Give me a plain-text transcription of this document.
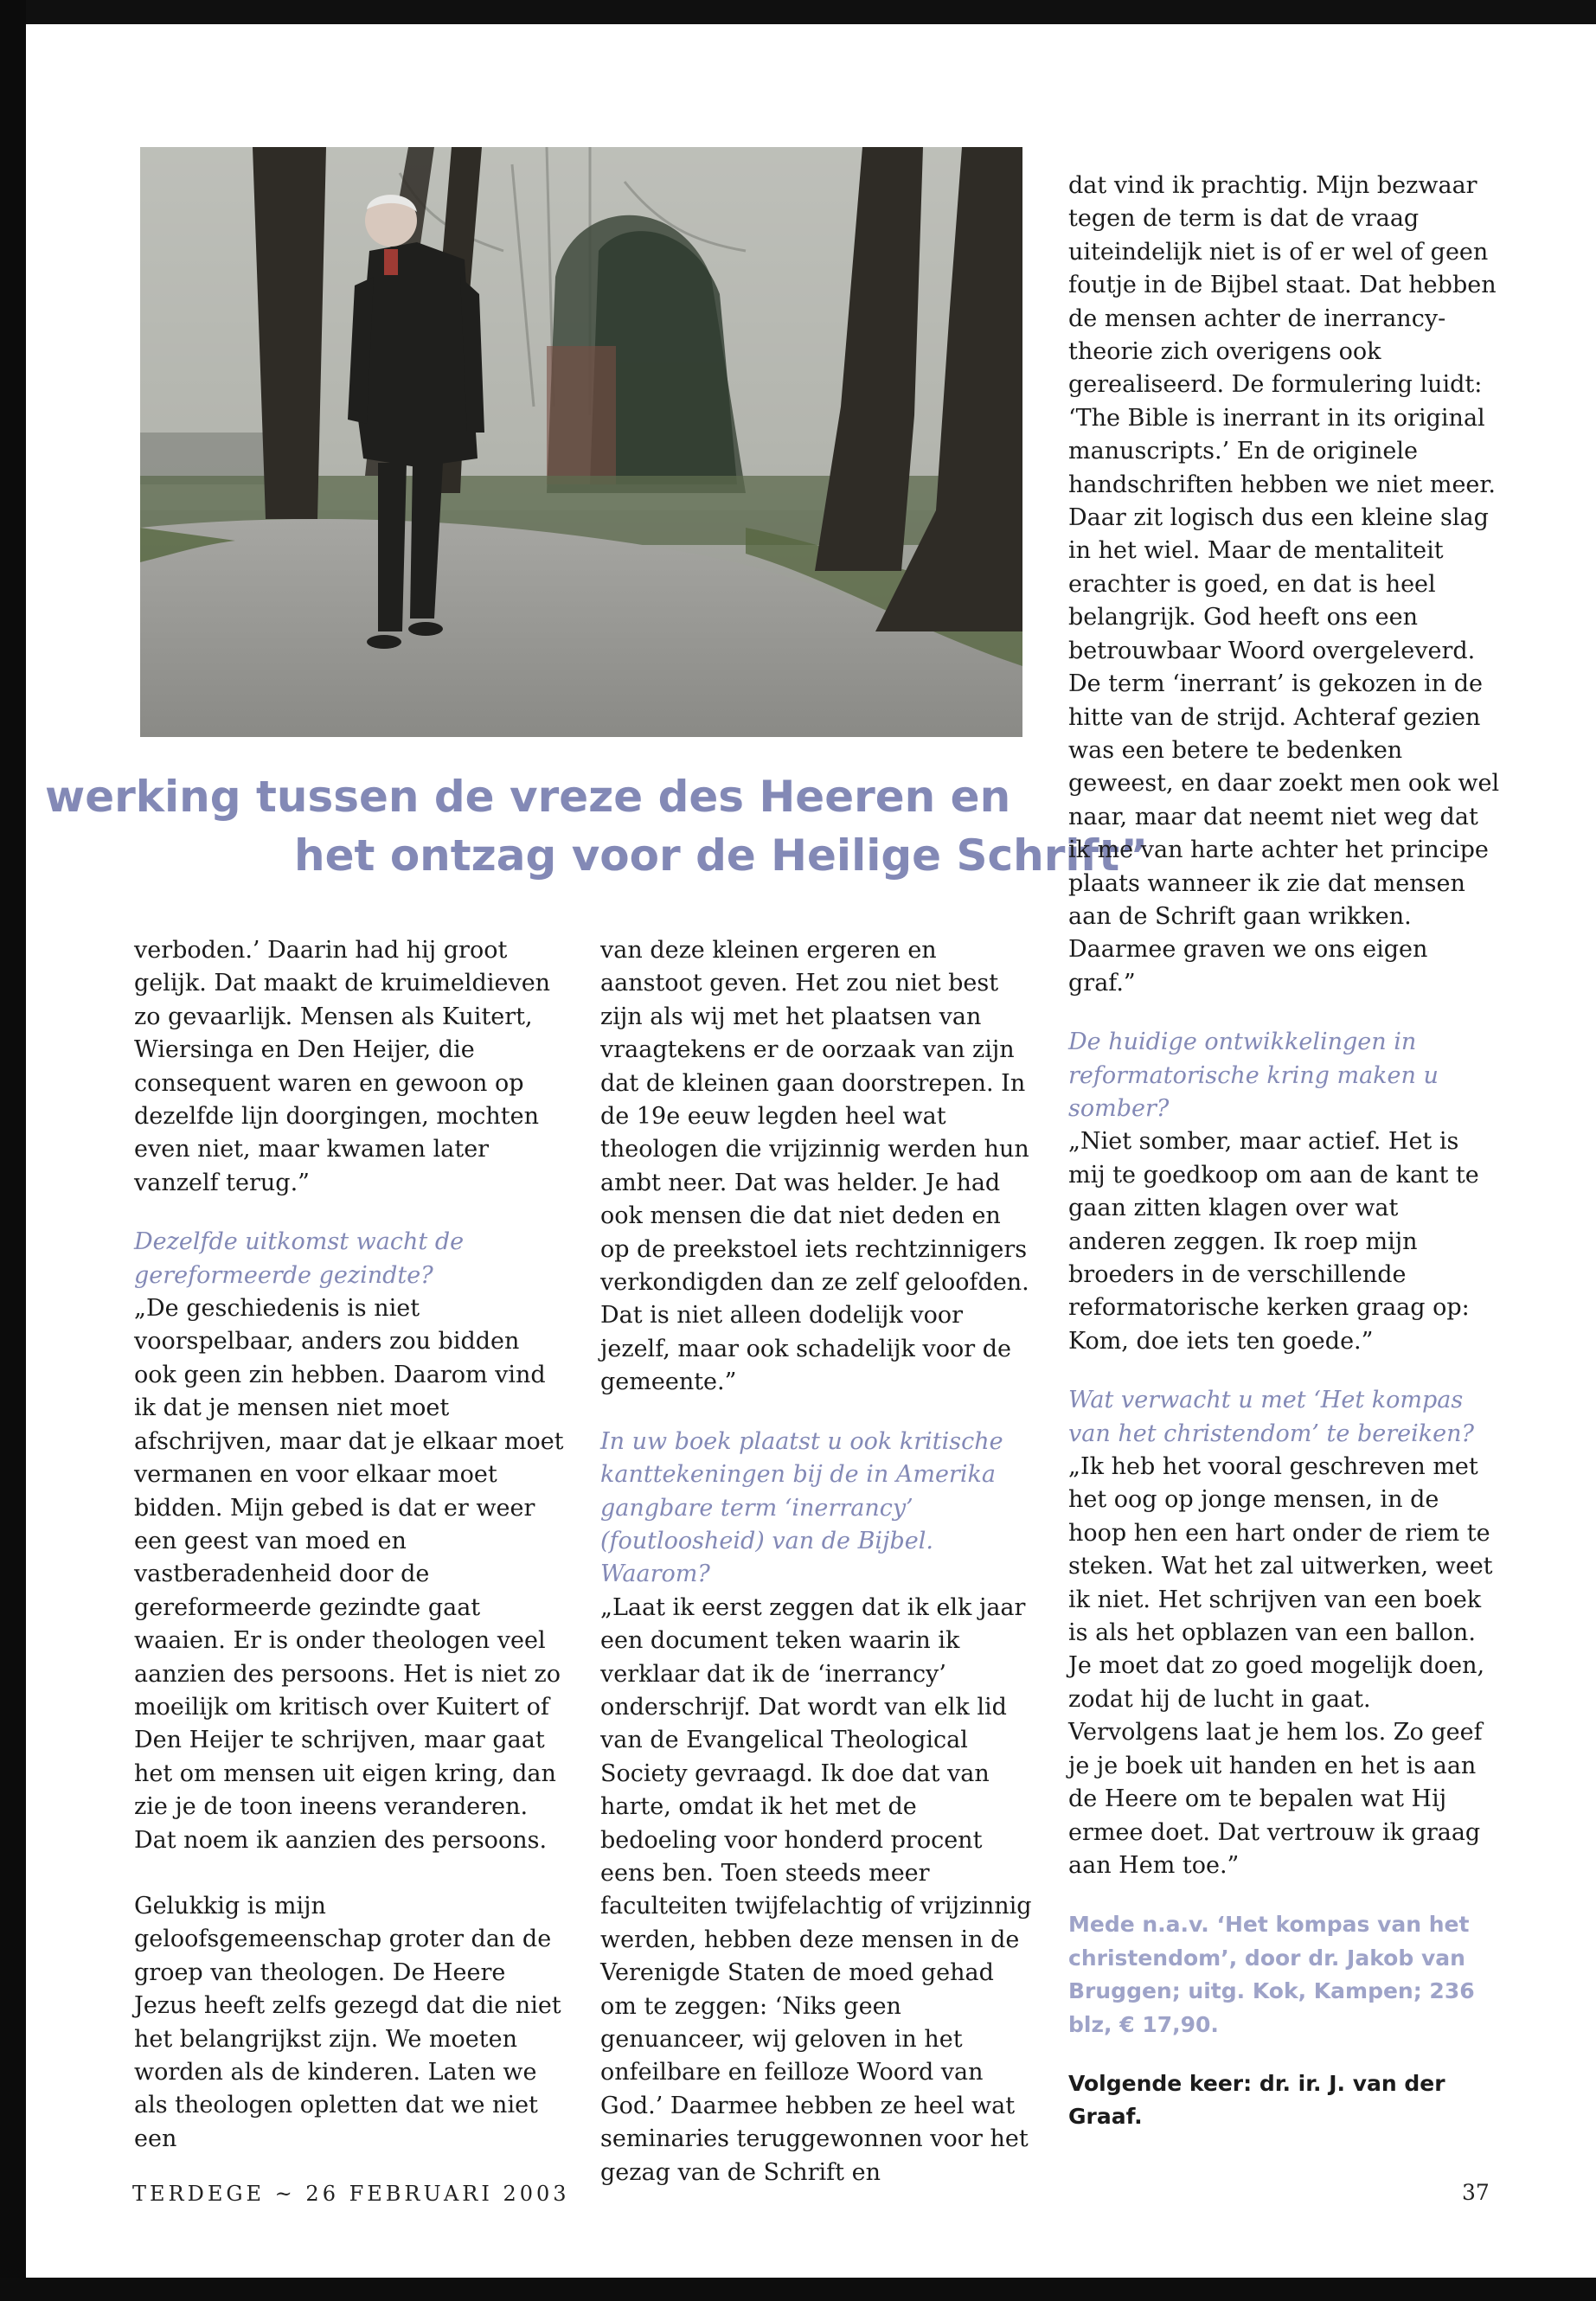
werking tussen de vreze des Heeren en
het ontzag voor de Heilige Schrift”

verboden.’ Daarin had hij groot gelijk. Dat maakt de kruimeldieven zo gevaarlijk. Mensen als Kuitert, Wiersinga en Den Heijer, die consequent waren en gewoon op dezelfde lijn doorgingen, mochten even niet, maar kwamen later vanzelf terug.”

Dezelfde uitkomst wacht de gereformeerde gezindte?

„De geschiedenis is niet voorspelbaar, anders zou bidden ook geen zin hebben. Daarom vind ik dat je mensen niet moet afschrijven, maar dat je elkaar moet vermanen en voor elkaar moet bidden. Mijn gebed is dat er weer een geest van moed en vastberadenheid door de gereformeerde gezindte gaat waaien. Er is onder theologen veel aanzien des persoons. Het is niet zo moeilijk om kritisch over Kuitert of Den Heijer te schrijven, maar gaat het om mensen uit eigen kring, dan zie je de toon ineens veranderen. Dat noem ik aanzien des persoons.

Gelukkig is mijn geloofsgemeenschap groter dan de groep van theologen. De Heere Jezus heeft zelfs gezegd dat die niet het belangrijkst zijn. We moeten worden als de kinderen. Laten we als theologen opletten dat we niet een

van deze kleinen ergeren en aanstoot geven. Het zou niet best zijn als wij met het plaatsen van vraagtekens er de oorzaak van zijn dat de kleinen gaan doorstrepen. In de 19e eeuw legden heel wat theologen die vrijzinnig werden hun ambt neer. Dat was helder. Je had ook mensen die dat niet deden en op de preekstoel iets rechtzinnigers verkondigden dan ze zelf geloofden. Dat is niet alleen dodelijk voor jezelf, maar ook schadelijk voor de gemeente.”

In uw boek plaatst u ook kritische kanttekeningen bij de in Amerika gangbare term ‘inerrancy’ (foutloosheid) van de Bijbel. Waarom?

„Laat ik eerst zeggen dat ik elk jaar een document teken waarin ik verklaar dat ik de ‘inerrancy’ onderschrijf. Dat wordt van elk lid van de Evangelical Theological Society gevraagd. Ik doe dat van harte, omdat ik het met de bedoeling voor honderd procent eens ben. Toen steeds meer faculteiten twijfelachtig of vrijzinnig werden, hebben deze mensen in de Verenigde Staten de moed gehad om te zeggen: ‘Niks geen genuanceer, wij geloven in het onfeilbare en feilloze Woord van God.’ Daarmee hebben ze heel wat seminaries teruggewonnen voor het gezag van de Schrift en

dat vind ik prachtig. Mijn bezwaar tegen de term is dat de vraag uiteindelijk niet is of er wel of geen foutje in de Bijbel staat. Dat hebben de mensen achter de inerrancy-theorie zich overigens ook gerealiseerd. De formulering luidt: ‘The Bible is inerrant in its original manuscripts.’ En de originele handschriften hebben we niet meer. Daar zit logisch dus een kleine slag in het wiel. Maar de mentaliteit erachter is goed, en dat is heel belangrijk. God heeft ons een betrouwbaar Woord overgeleverd. De term ‘inerrant’ is gekozen in de hitte van de strijd. Achteraf gezien was een betere te bedenken geweest, en daar zoekt men ook wel naar, maar dat neemt niet weg dat ik me van harte achter het principe plaats wanneer ik zie dat mensen aan de Schrift gaan wrikken. Daarmee graven we ons eigen graf.”

De huidige ontwikkelingen in reformatorische kring maken u somber?

„Niet somber, maar actief. Het is mij te goedkoop om aan de kant te gaan zitten klagen over wat anderen zeggen. Ik roep mijn broeders in de verschillende reformatorische kerken graag op: Kom, doe iets ten goede.”

Wat verwacht u met ‘Het kompas van het christendom’ te bereiken?

„Ik heb het vooral geschreven met het oog op jonge mensen, in de hoop hen een hart onder de riem te steken. Wat het zal uitwerken, weet ik niet. Het schrijven van een boek is als het opblazen van een ballon. Je moet dat zo goed mogelijk doen, zodat hij de lucht in gaat. Vervolgens laat je hem los. Zo geef je je boek uit handen en het is aan de Heere om te bepalen wat Hij ermee doet. Dat vertrouw ik graag aan Hem toe.”

Mede n.a.v. ‘Het kompas van het christendom’, door dr. Jakob van Bruggen; uitg. Kok, Kampen; 236 blz, € 17,90.

Volgende keer: dr. ir. J. van der Graaf.

TERDEGE ~ 26 FEBRUARI 2003	37
